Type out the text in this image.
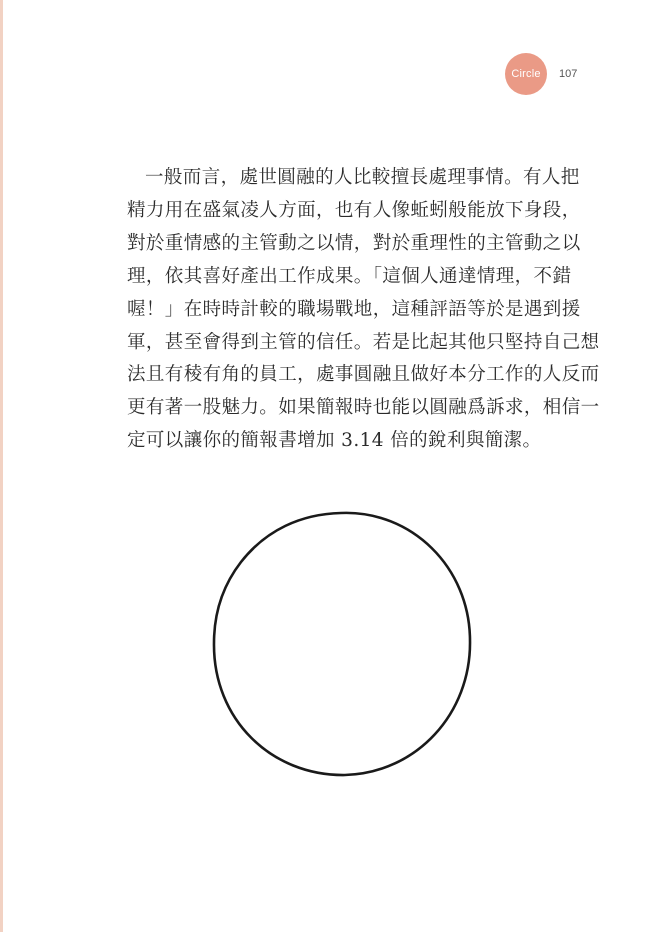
Circle	107
一般而言，處世圓融的人比較擅長處理事情。有人把
精力用在盛氣凌人方面，也有人像蚯蚓般能放下身段，
對於重情感的主管動之以情，對於重理性的主管動之以
理，依其喜好產出工作成果。「這個人通達情理，不錯
喔！」在時時計較的職場戰地，這種評語等於是遇到援
軍，甚至會得到主管的信任。若是比起其他只堅持自己想
法且有稜有角的員工，處事圓融且做好本分工作的人反而
更有著一股魅力。如果簡報時也能以圓融爲訴求，相信一
定可以讓你的簡報書增加 3.14 倍的銳利與簡潔。
